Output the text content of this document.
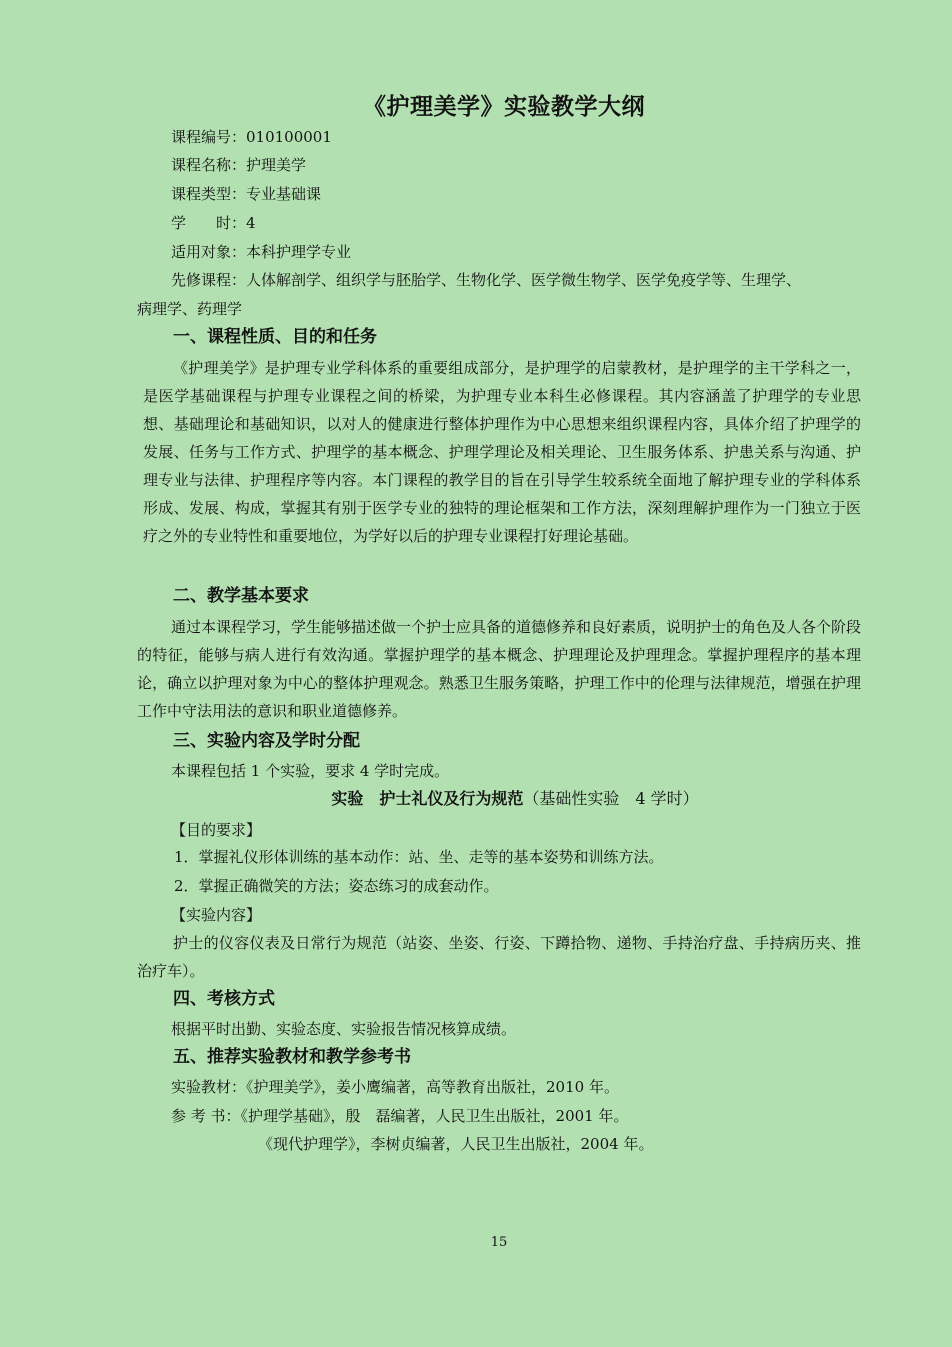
《护理美学》实验教学大纲
课程编号：010100001
课程名称：护理美学
课程类型：专业基础课
学　　时：4
适用对象：本科护理学专业
先修课程：人体解剖学、组织学与胚胎学、生物化学、医学微生物学、医学免疫学等、生理学、
病理学、药理学
一、课程性质、目的和任务
《护理美学》是护理专业学科体系的重要组成部分，是护理学的启蒙教材，是护理学的主干学科之一，是医学基础课程与护理专业课程之间的桥梁，为护理专业本科生必修课程。其内容涵盖了护理学的专业思想、基础理论和基础知识，以对人的健康进行整体护理作为中心思想来组织课程内容，具体介绍了护理学的发展、任务与工作方式、护理学的基本概念、护理学理论及相关理论、卫生服务体系、护患关系与沟通、护理专业与法律、护理程序等内容。本门课程的教学目的旨在引导学生较系统全面地了解护理专业的学科体系形成、发展、构成，掌握其有别于医学专业的独特的理论框架和工作方法，深刻理解护理作为一门独立于医疗之外的专业特性和重要地位，为学好以后的护理专业课程打好理论基础。
二、教学基本要求
通过本课程学习，学生能够描述做一个护士应具备的道德修养和良好素质，说明护士的角色及人各个阶段的特征，能够与病人进行有效沟通。掌握护理学的基本概念、护理理论及护理理念。掌握护理程序的基本理论，确立以护理对象为中心的整体护理观念。熟悉卫生服务策略，护理工作中的伦理与法律规范，增强在护理工作中守法用法的意识和职业道德修养。
三、实验内容及学时分配
本课程包括 1 个实验，要求 4 学时完成。
实验　护士礼仪及行为规范（基础性实验　4 学时）
【目的要求】
1．掌握礼仪形体训练的基本动作：站、坐、走等的基本姿势和训练方法。
2．掌握正确微笑的方法；姿态练习的成套动作。
【实验内容】
护士的仪容仪表及日常行为规范（站姿、坐姿、行姿、下蹲拾物、递物、手持治疗盘、手持病历夹、推治疗车）。
四、考核方式
根据平时出勤、实验态度、实验报告情况核算成绩。
五、推荐实验教材和教学参考书
实验教材：《护理美学》，姜小鹰编著，高等教育出版社，2010 年。
参 考 书：《护理学基础》，殷　磊编著，人民卫生出版社，2001 年。
《现代护理学》，李树贞编著，人民卫生出版社，2004 年。
15
